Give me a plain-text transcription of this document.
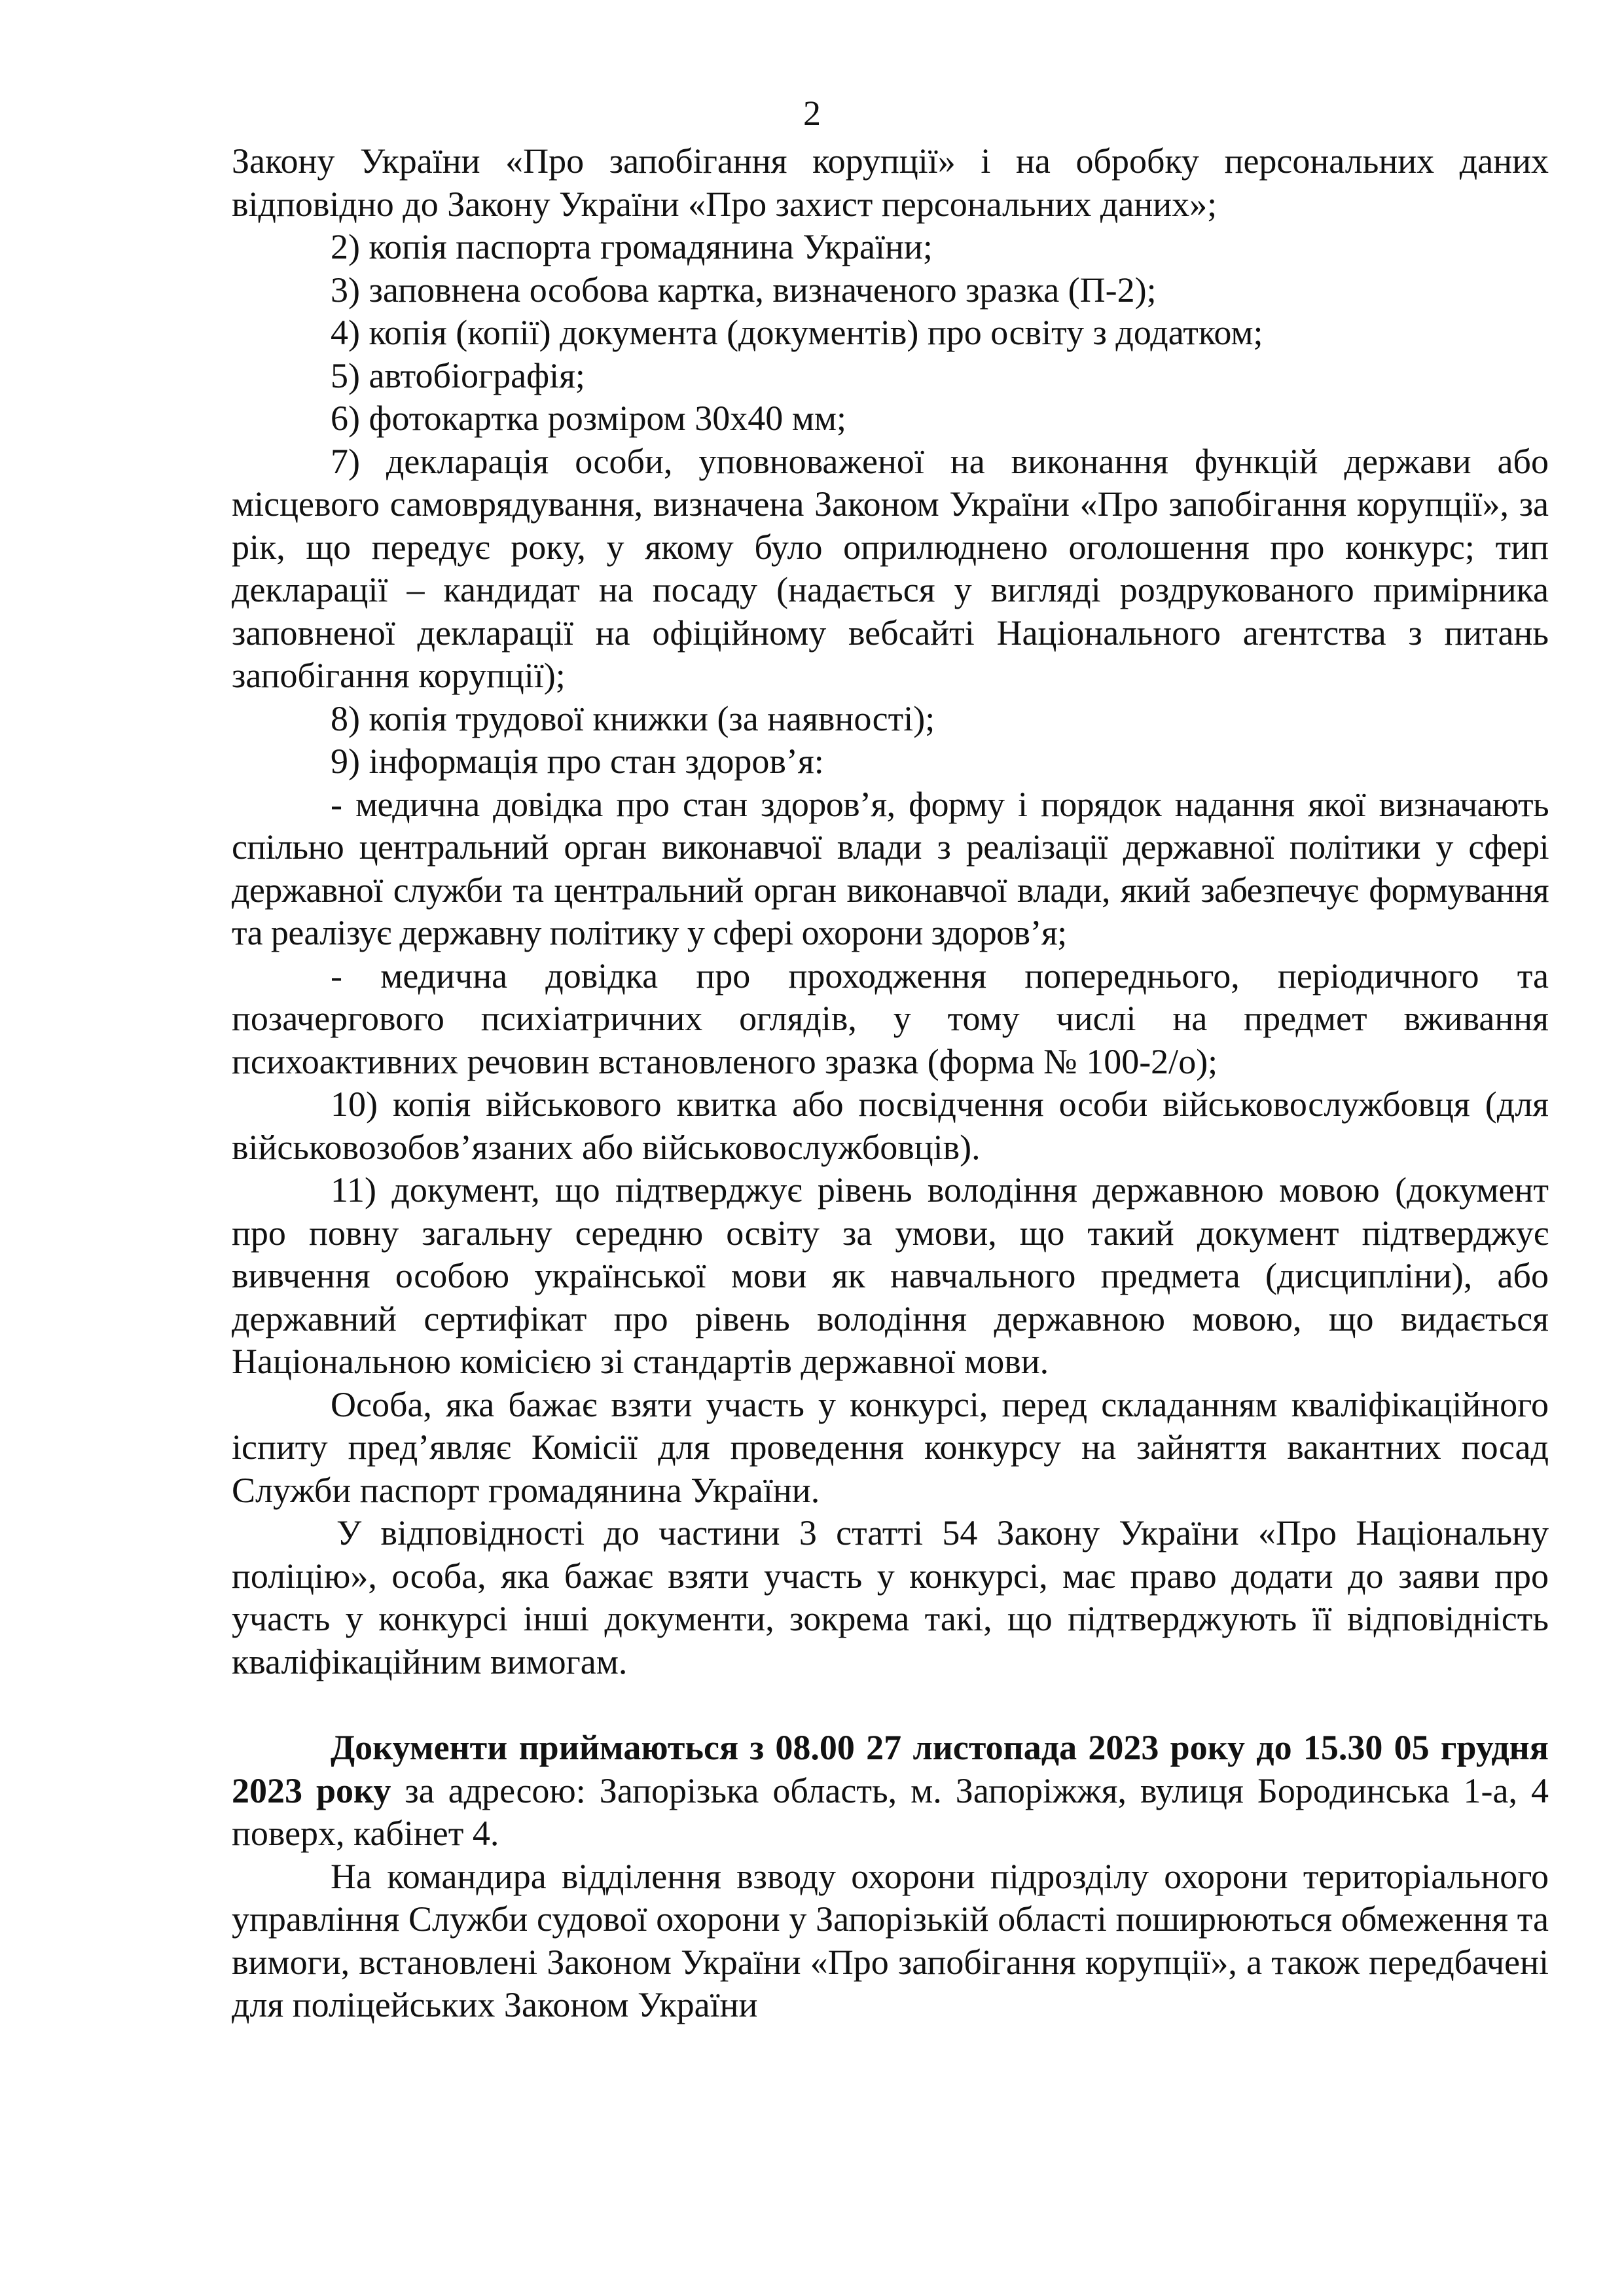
2

Закону України «Про запобігання корупції» і на обробку персональних даних відповідно до Закону України «Про захист персональних даних»;

2) копія паспорта громадянина України;

3) заповнена особова картка, визначеного зразка (П-2);

4) копія (копії) документа (документів) про освіту з додатком;

5) автобіографія;

6) фотокартка розміром 30х40 мм;

7) декларація особи, уповноваженої на виконання функцій держави або місцевого самоврядування, визначена Законом України «Про запобігання корупції», за рік, що передує року, у якому було оприлюднено оголошення про конкурс; тип декларації – кандидат на посаду (надається у вигляді роздрукованого примірника заповненої декларації на офіційному вебсайті Національного агентства з питань запобігання корупції);

8) копія трудової книжки (за наявності);

9) інформація про стан здоров’я:

- медична довідка про стан здоров’я, форму і порядок надання якої визначають спільно центральний орган виконавчої влади з реалізації державної політики у сфері державної служби та центральний орган виконавчої влади, який забезпечує формування та реалізує державну політику у сфері охорони здоров’я;

- медична довідка про проходження попереднього, періодичного та позачергового психіатричних оглядів, у тому числі на предмет вживання психоактивних речовин встановленого зразка (форма № 100-2/о);

10) копія військового квитка або посвідчення особи військовослужбовця (для військовозобов’язаних або військовослужбовців).

11) документ, що підтверджує рівень володіння державною мовою (документ про повну загальну середню освіту за умови, що такий документ підтверджує вивчення особою української мови як навчального предмета (дисципліни), або державний сертифікат про рівень володіння державною мовою, що видається Національною комісією зі стандартів державної мови.

Особа, яка бажає взяти участь у конкурсі, перед складанням кваліфікаційного іспиту пред’являє Комісії для проведення конкурсу на зайняття вакантних посад Служби паспорт громадянина України.

У відповідності до частини 3 статті 54 Закону України «Про Національну поліцію», особа, яка бажає взяти участь у конкурсі, має право додати до заяви про участь у конкурсі інші документи, зокрема такі, що підтверджують її відповідність кваліфікаційним вимогам.

Документи приймаються з 08.00 27 листопада 2023 року до 15.30 05 грудня 2023 року за адресою: Запорізька область, м. Запоріжжя, вулиця Бородинська 1-а, 4 поверх, кабінет 4.

На командира відділення взводу охорони підрозділу охорони територіального управління Служби судової охорони у Запорізькій області поширюються обмеження та вимоги, встановлені Законом України «Про запобігання корупції», а також передбачені для поліцейських Законом України
